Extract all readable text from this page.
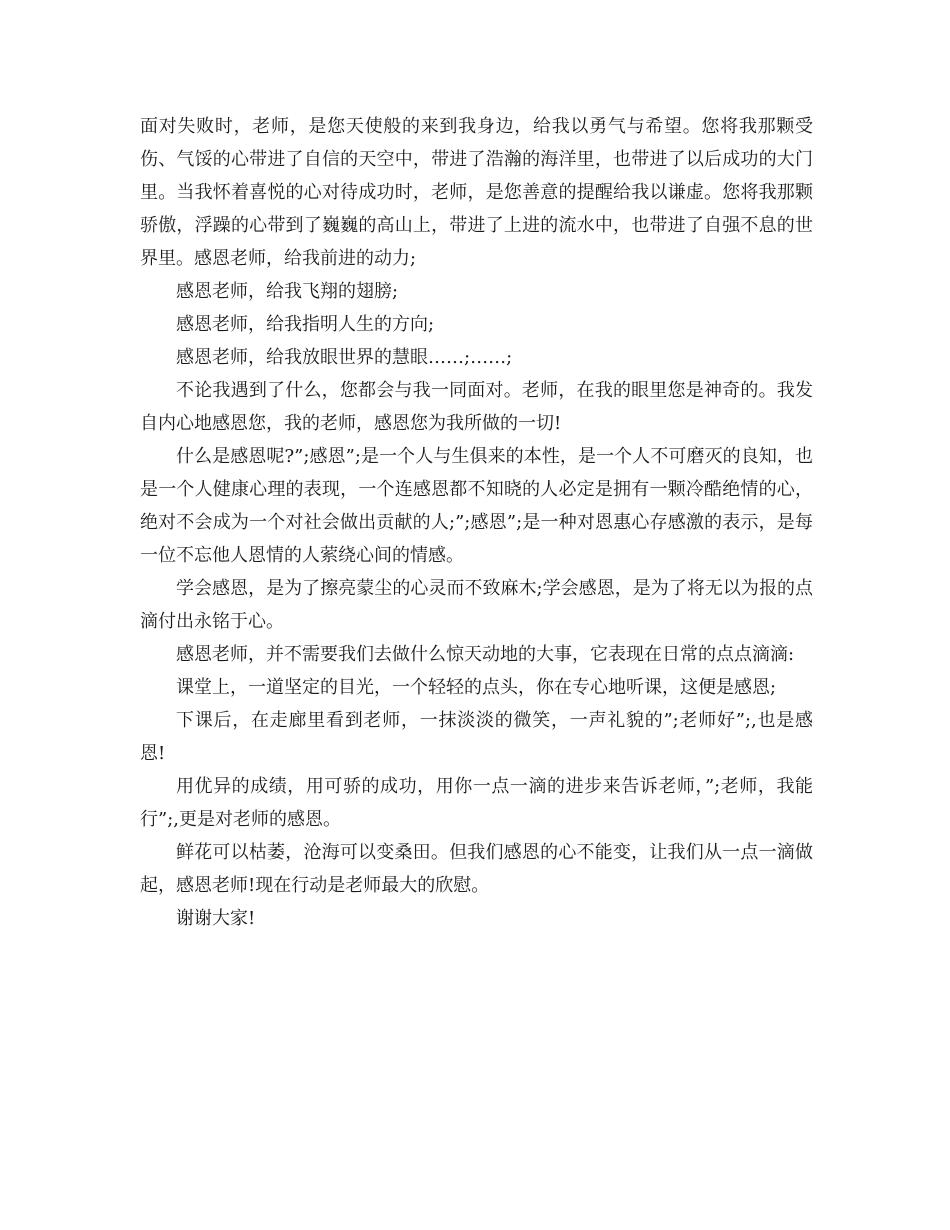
面对失败时，老师，是您天使般的来到我身边，给我以勇气与希望。您将我那颗受伤、气馁的心带进了自信的天空中，带进了浩瀚的海洋里，也带进了以后成功的大门里。当我怀着喜悦的心对待成功时，老师，是您善意的提醒给我以谦虚。您将我那颗骄傲，浮躁的心带到了巍巍的高山上，带进了上进的流水中，也带进了自强不息的世界里。感恩老师，给我前进的动力;

感恩老师，给我飞翔的翅膀;

感恩老师，给我指明人生的方向;

感恩老师，给我放眼世界的慧眼……;……;

不论我遇到了什么，您都会与我一同面对。老师，在我的眼里您是神奇的。我发自内心地感恩您，我的老师，感恩您为我所做的一切!

什么是感恩呢?”;感恩”;是一个人与生俱来的本性，是一个人不可磨灭的良知，也是一个人健康心理的表现，一个连感恩都不知晓的人必定是拥有一颗冷酷绝情的心，绝对不会成为一个对社会做出贡献的人;”;感恩”;是一种对恩惠心存感激的表示，是每一位不忘他人恩情的人萦绕心间的情感。

学会感恩，是为了擦亮蒙尘的心灵而不致麻木;学会感恩，是为了将无以为报的点滴付出永铭于心。

感恩老师，并不需要我们去做什么惊天动地的大事，它表现在日常的点点滴滴:

课堂上，一道坚定的目光，一个轻轻的点头，你在专心地听课，这便是感恩;

下课后，在走廊里看到老师，一抹淡淡的微笑，一声礼貌的”;老师好”;,也是感恩!

用优异的成绩，用可骄的成功，用你一点一滴的进步来告诉老师，”;老师，我能行”;,更是对老师的感恩。

鲜花可以枯萎，沧海可以变桑田。但我们感恩的心不能变，让我们从一点一滴做起，感恩老师!现在行动是老师最大的欣慰。

谢谢大家!
